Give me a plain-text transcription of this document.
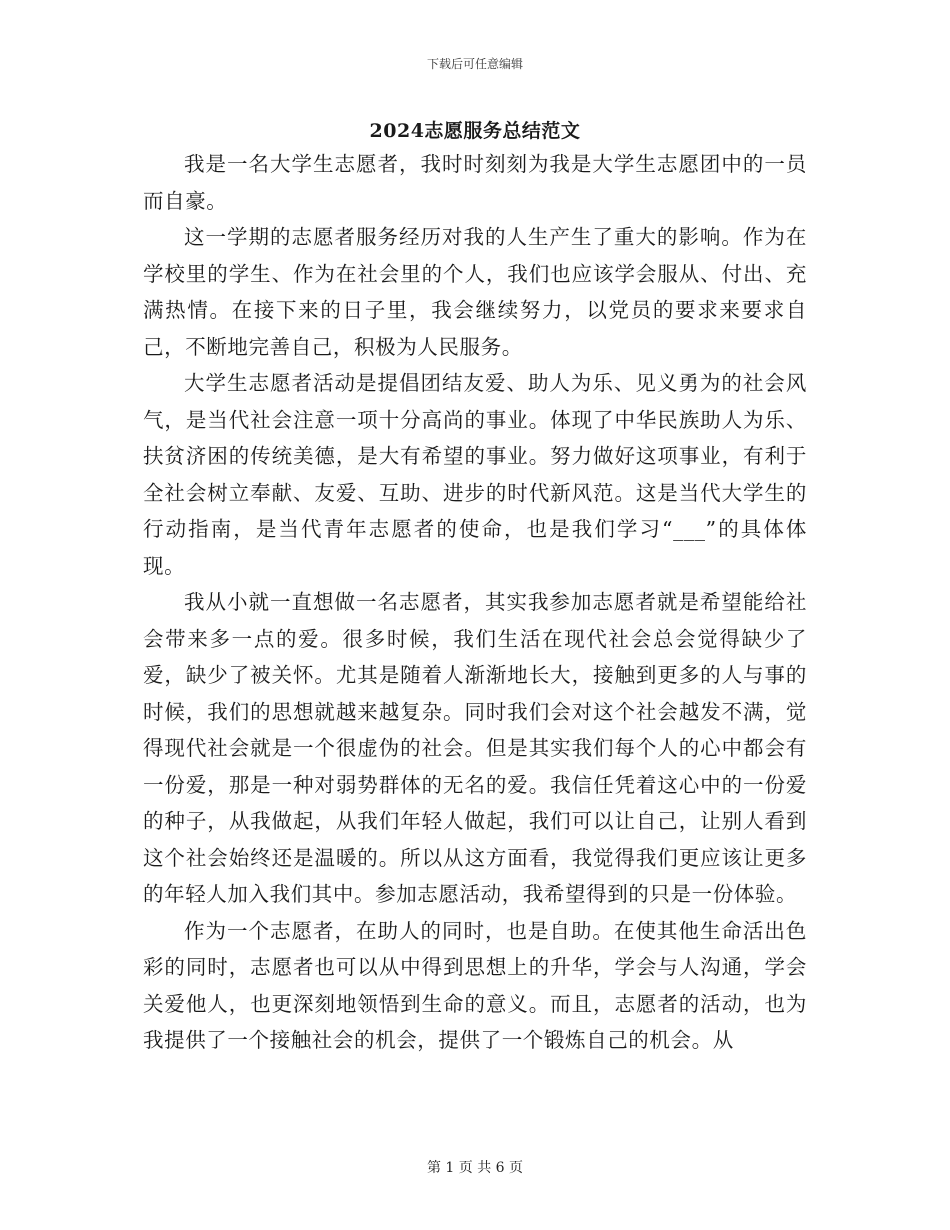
下载后可任意编辑
2024志愿服务总结范文

我是一名大学生志愿者，我时时刻刻为我是大学生志愿团中的一员而自豪。

这一学期的志愿者服务经历对我的人生产生了重大的影响。作为在学校里的学生、作为在社会里的个人，我们也应该学会服从、付出、充满热情。在接下来的日子里，我会继续努力，以党员的要求来要求自己，不断地完善自己，积极为人民服务。

大学生志愿者活动是提倡团结友爱、助人为乐、见义勇为的社会风气，是当代社会注意一项十分高尚的事业。体现了中华民族助人为乐、扶贫济困的传统美德，是大有希望的事业。努力做好这项事业，有利于全社会树立奉献、友爱、互助、进步的时代新风范。这是当代大学生的行动指南，是当代青年志愿者的使命，也是我们学习“___”的具体体现。

我从小就一直想做一名志愿者，其实我参加志愿者就是希望能给社会带来多一点的爱。很多时候，我们生活在现代社会总会觉得缺少了爱，缺少了被关怀。尤其是随着人渐渐地长大，接触到更多的人与事的时候，我们的思想就越来越复杂。同时我们会对这个社会越发不满，觉得现代社会就是一个很虚伪的社会。但是其实我们每个人的心中都会有一份爱，那是一种对弱势群体的无名的爱。我信任凭着这心中的一份爱的种子，从我做起，从我们年轻人做起，我们可以让自己，让别人看到这个社会始终还是温暖的。所以从这方面看，我觉得我们更应该让更多的年轻人加入我们其中。参加志愿活动，我希望得到的只是一份体验。

作为一个志愿者，在助人的同时，也是自助。在使其他生命活出色彩的同时，志愿者也可以从中得到思想上的升华，学会与人沟通，学会关爱他人，也更深刻地领悟到生命的意义。而且，志愿者的活动，也为我提供了一个接触社会的机会，提供了一个锻炼自己的机会。从

第 1 页 共 6 页
